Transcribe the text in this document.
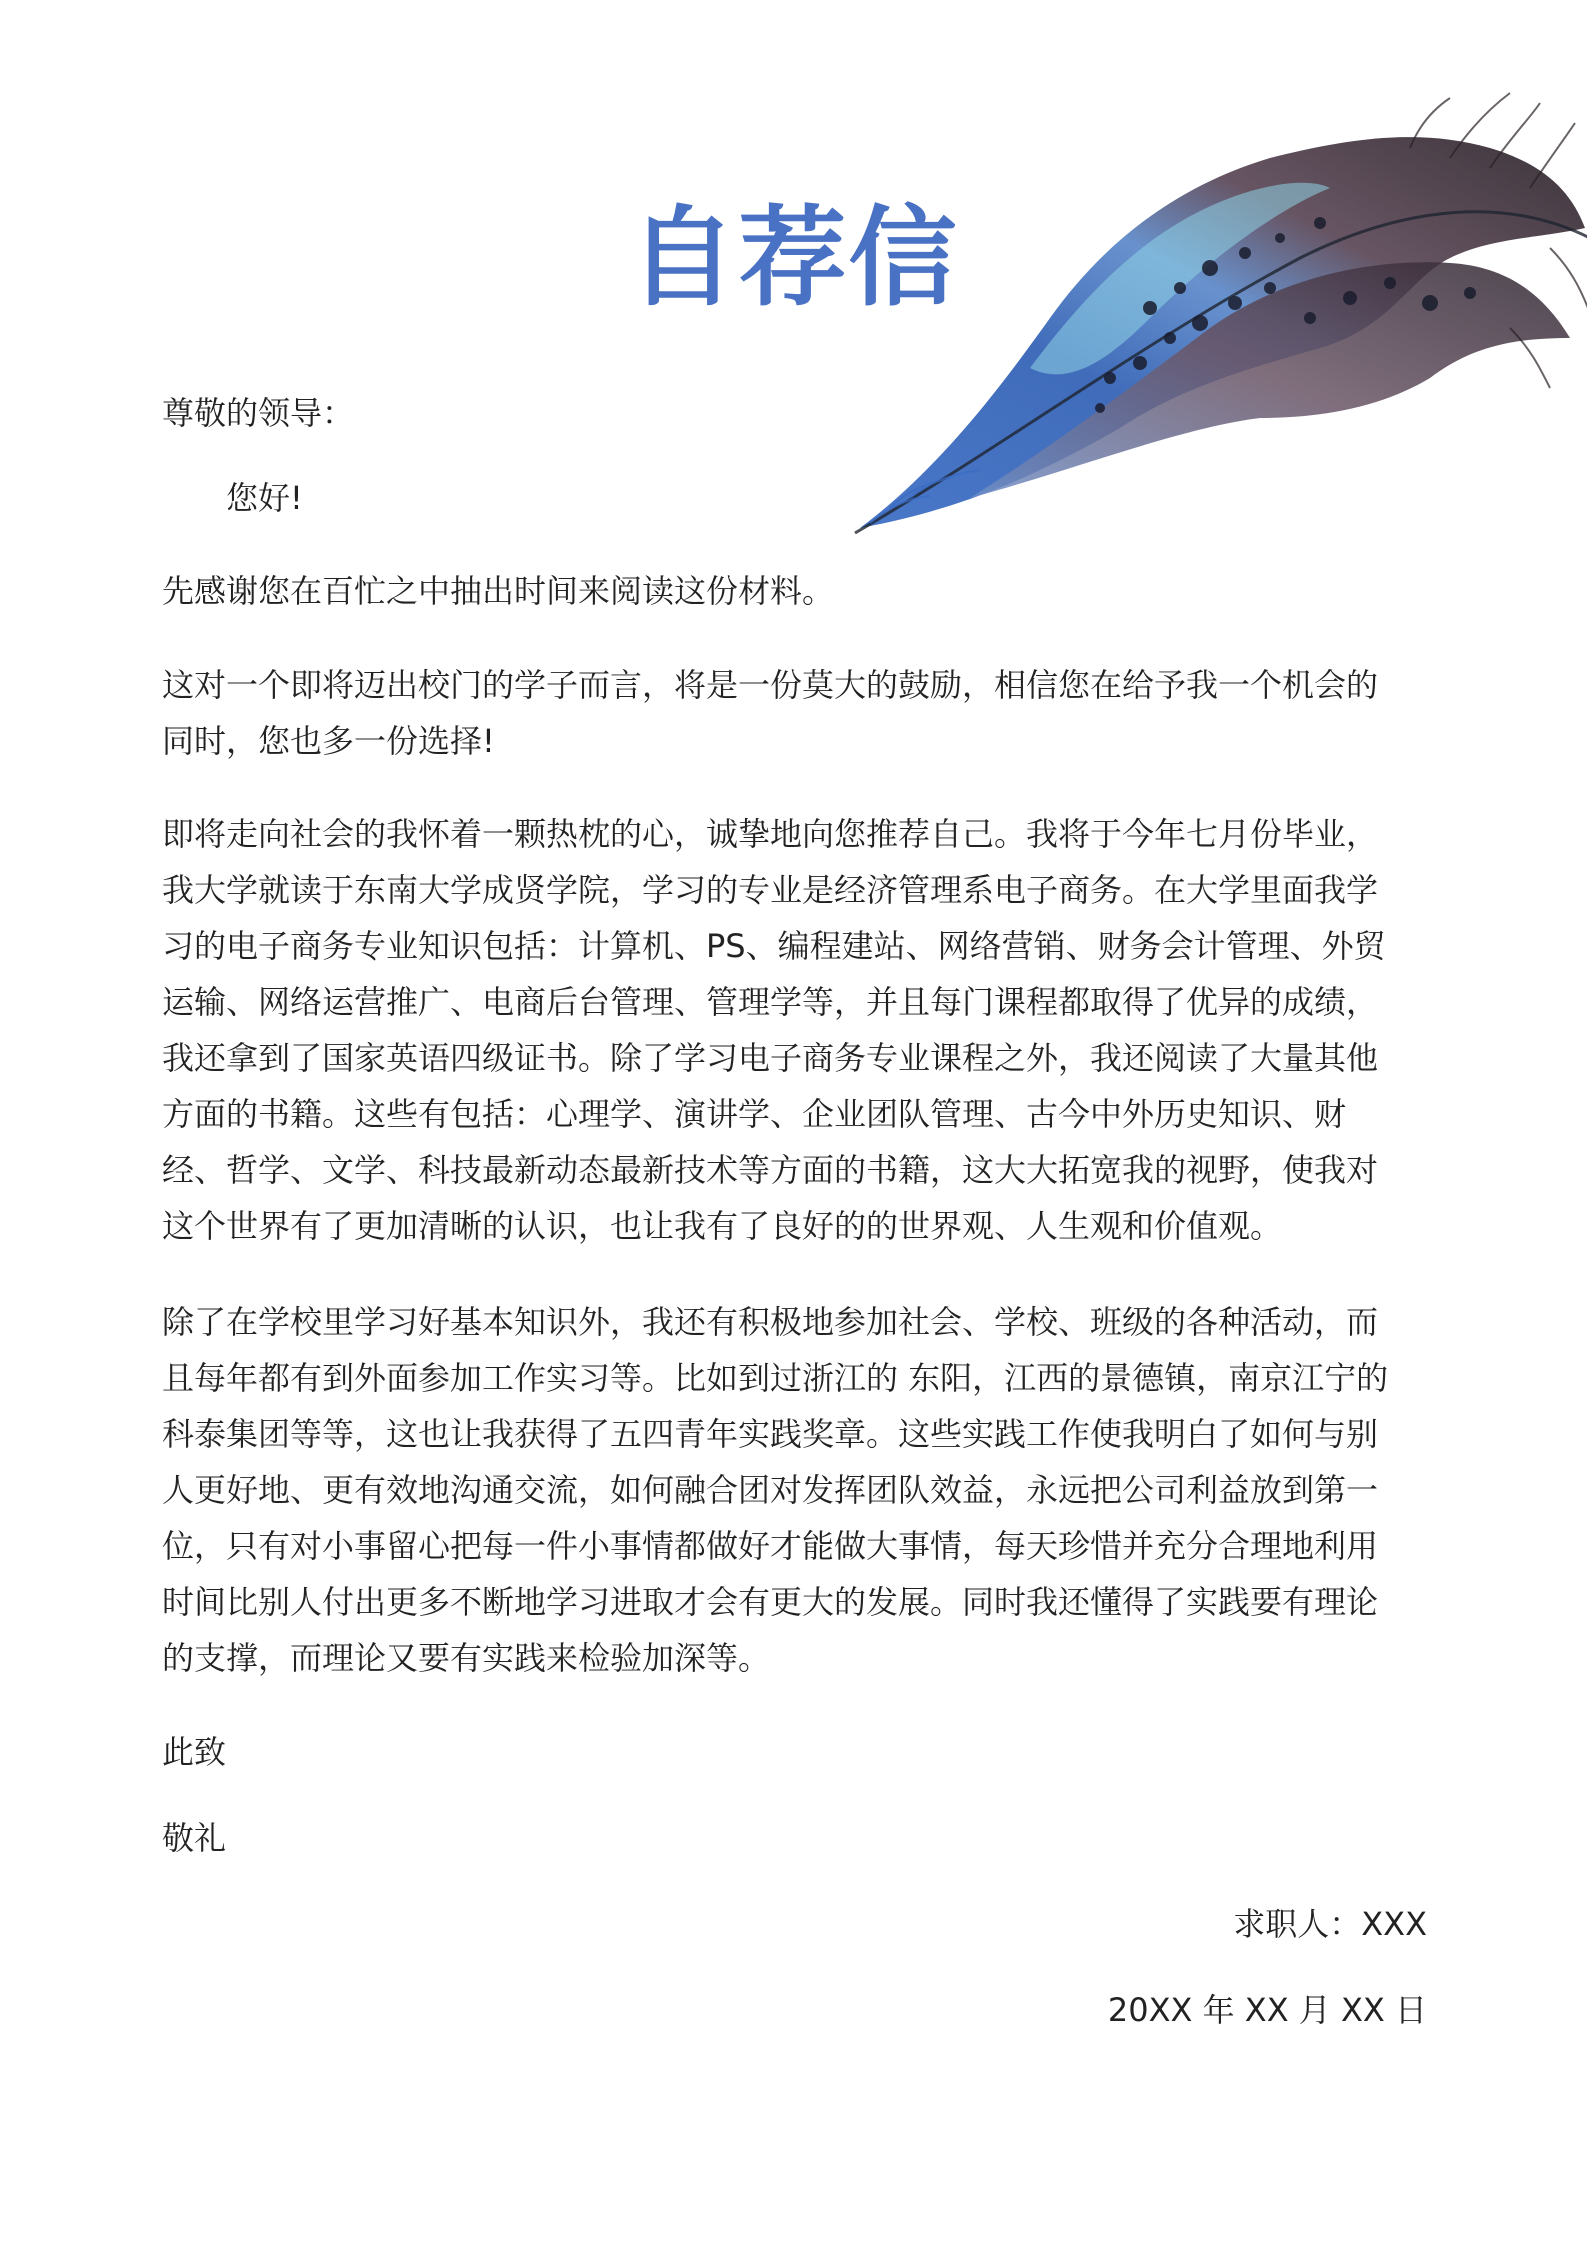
自荐信
尊敬的领导：
您好!
先感谢您在百忙之中抽出时间来阅读这份材料。
这对一个即将迈出校门的学子而言，将是一份莫大的鼓励，相信您在给予我一个机会的同时，您也多一份选择!
即将走向社会的我怀着一颗热枕的心，诚挚地向您推荐自己。我将于今年七月份毕业，我大学就读于东南大学成贤学院，学习的专业是经济管理系电子商务。在大学里面我学习的电子商务专业知识包括：计算机、PS、编程建站、网络营销、财务会计管理、外贸运输、网络运营推广、电商后台管理、管理学等，并且每门课程都取得了优异的成绩，我还拿到了国家英语四级证书。除了学习电子商务专业课程之外，我还阅读了大量其他方面的书籍。这些有包括：心理学、演讲学、企业团队管理、古今中外历史知识、财经、哲学、文学、科技最新动态最新技术等方面的书籍，这大大拓宽我的视野，使我对这个世界有了更加清晰的认识，也让我有了良好的的世界观、人生观和价值观。
除了在学校里学习好基本知识外，我还有积极地参加社会、学校、班级的各种活动，而且每年都有到外面参加工作实习等。比如到过浙江的 东阳，江西的景德镇，南京江宁的科泰集团等等，这也让我获得了五四青年实践奖章。这些实践工作使我明白了如何与别人更好地、更有效地沟通交流，如何融合团对发挥团队效益，永远把公司利益放到第一位，只有对小事留心把每一件小事情都做好才能做大事情，每天珍惜并充分合理地利用时间比别人付出更多不断地学习进取才会有更大的发展。同时我还懂得了实践要有理论的支撑，而理论又要有实践来检验加深等。
此致
敬礼
求职人：XXX
20XX 年 XX 月 XX 日
